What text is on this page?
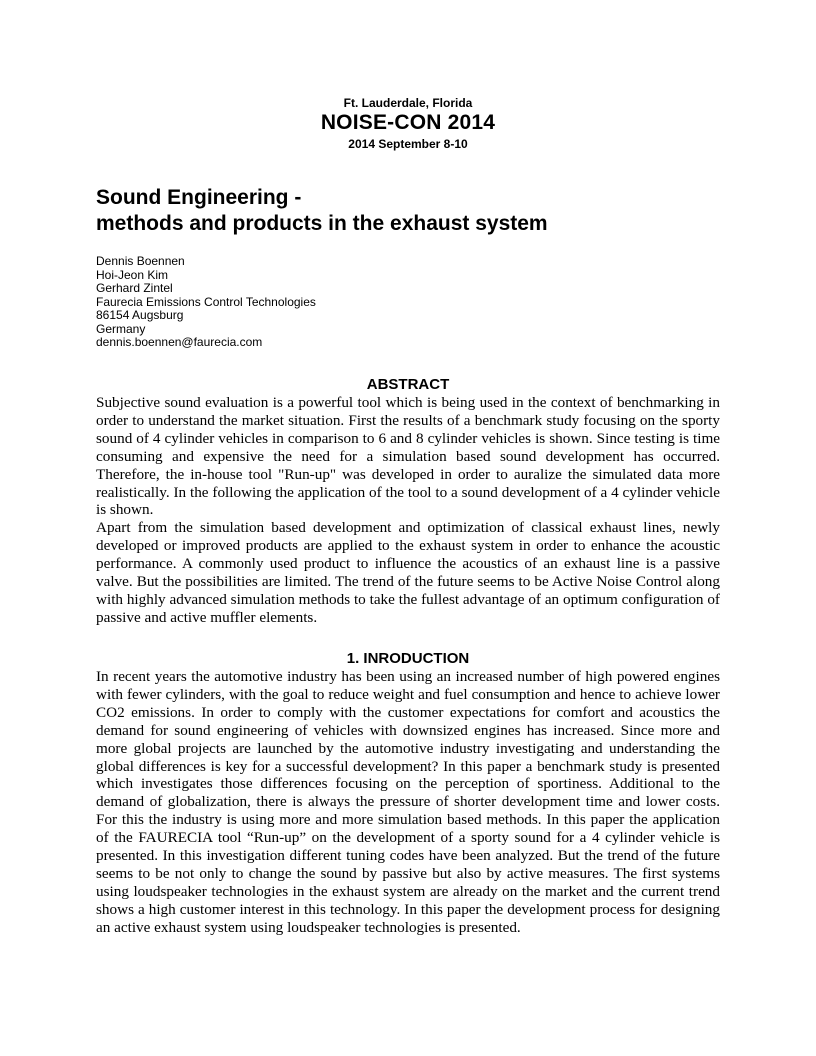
Ft. Lauderdale, Florida
NOISE-CON 2014
2014 September 8-10
Sound Engineering -
methods and products in the exhaust system
Dennis Boennen
Hoi-Jeon Kim
Gerhard Zintel
Faurecia Emissions Control Technologies
86154 Augsburg
Germany
dennis.boennen@faurecia.com
ABSTRACT

Subjective sound evaluation is a powerful tool which is being used in the context of benchmarking in order to understand the market situation. First the results of a benchmark study focusing on the sporty sound of 4 cylinder vehicles in comparison to 6 and 8 cylinder vehicles is shown. Since testing is time consuming and expensive the need for a simulation based sound development has occurred. Therefore, the in-house tool "Run-up" was developed in order to auralize the simulated data more realistically. In the following the application of the tool to a sound development of a 4 cylinder vehicle is shown.

Apart from the simulation based development and optimization of classical exhaust lines, newly developed or improved products are applied to the exhaust system in order to enhance the acoustic performance. A commonly used product to influence the acoustics of an exhaust line is a passive valve. But the possibilities are limited. The trend of the future seems to be Active Noise Control along with highly advanced simulation methods to take the fullest advantage of an optimum configuration of passive and active muffler elements.

1. INRODUCTION

In recent years the automotive industry has been using an increased number of high powered engines with fewer cylinders, with the goal to reduce weight and fuel consumption and hence to achieve lower CO2 emissions. In order to comply with the customer expectations for comfort and acoustics the demand for sound engineering of vehicles with downsized engines has increased. Since more and more global projects are launched by the automotive industry investigating and understanding the global differences is key for a successful development? In this paper a benchmark study is presented which investigates those differences focusing on the perception of sportiness. Additional to the demand of globalization, there is always the pressure of shorter development time and lower costs. For this the industry is using more and more simulation based methods. In this paper the application of the FAURECIA tool “Run-up” on the development of a sporty sound for a 4 cylinder vehicle is presented. In this investigation different tuning codes have been analyzed. But the trend of the future seems to be not only to change the sound by passive but also by active measures. The first systems using loudspeaker technologies in the exhaust system are already on the market and the current trend shows a high customer interest in this technology. In this paper the development process for designing an active exhaust system using loudspeaker technologies is presented.
